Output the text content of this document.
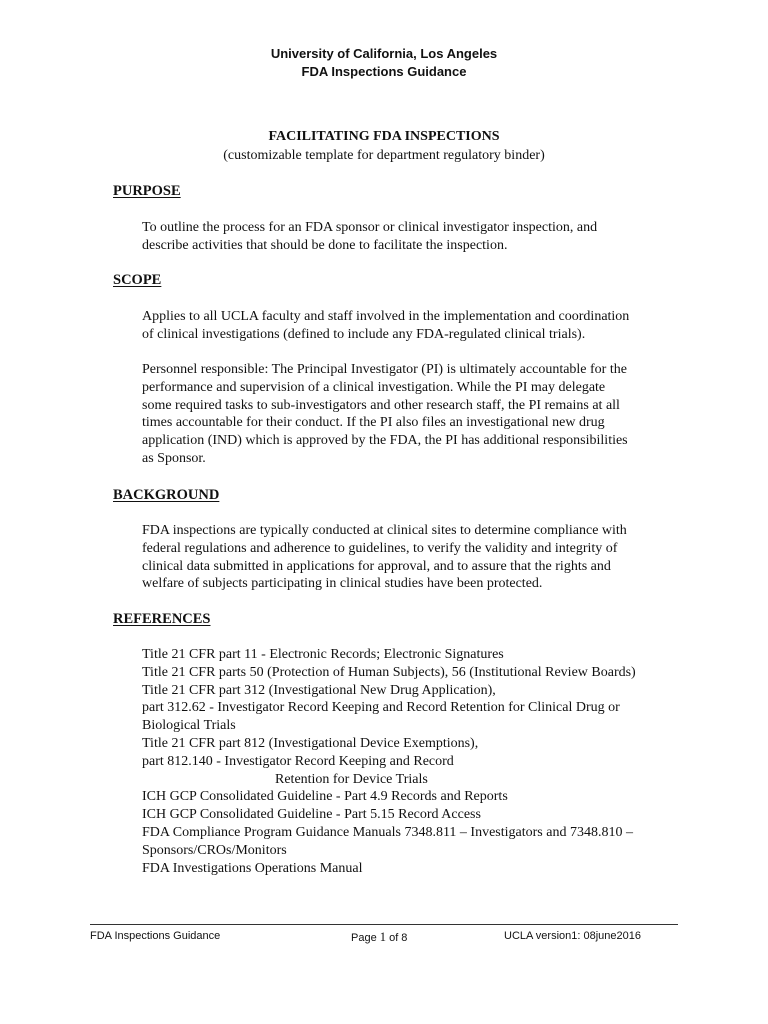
University of California, Los Angeles
FDA Inspections Guidance
FACILITATING FDA INSPECTIONS
(customizable template for department regulatory binder)
PURPOSE
To outline the process for an FDA sponsor or clinical investigator inspection, and
describe activities that should be done to facilitate the inspection.
SCOPE
Applies to all UCLA faculty and staff involved in the implementation and coordination
of clinical investigations (defined to include any FDA-regulated clinical trials).
Personnel responsible: The Principal Investigator (PI) is ultimately accountable for the
performance and supervision of a clinical investigation. While the PI may delegate
some required tasks to sub-investigators and other research staff, the PI remains at all
times accountable for their conduct. If the PI also files an investigational new drug
application (IND) which is approved by the FDA, the PI has additional responsibilities
as Sponsor.
BACKGROUND
FDA inspections are typically conducted at clinical sites to determine compliance with
federal regulations and adherence to guidelines, to verify the validity and integrity of
clinical data submitted in applications for approval, and to assure that the rights and
welfare of subjects participating in clinical studies have been protected.
REFERENCES
Title 21 CFR part 11 - Electronic Records; Electronic Signatures
Title 21 CFR parts 50 (Protection of Human Subjects), 56 (Institutional Review Boards)
Title 21 CFR part 312 (Investigational New Drug Application),
part 312.62 - Investigator Record Keeping and Record Retention for Clinical Drug or
Biological Trials
Title 21 CFR part 812 (Investigational Device Exemptions),
part 812.140 - Investigator Record Keeping and Record
Retention for Device Trials
ICH GCP Consolidated Guideline - Part 4.9 Records and Reports
ICH GCP Consolidated Guideline - Part 5.15 Record Access
FDA Compliance Program Guidance Manuals 7348.811 – Investigators and 7348.810 –
Sponsors/CROs/Monitors
FDA Investigations Operations Manual
FDA Inspections Guidance	Page 1 of 8	UCLA version1: 08june2016
